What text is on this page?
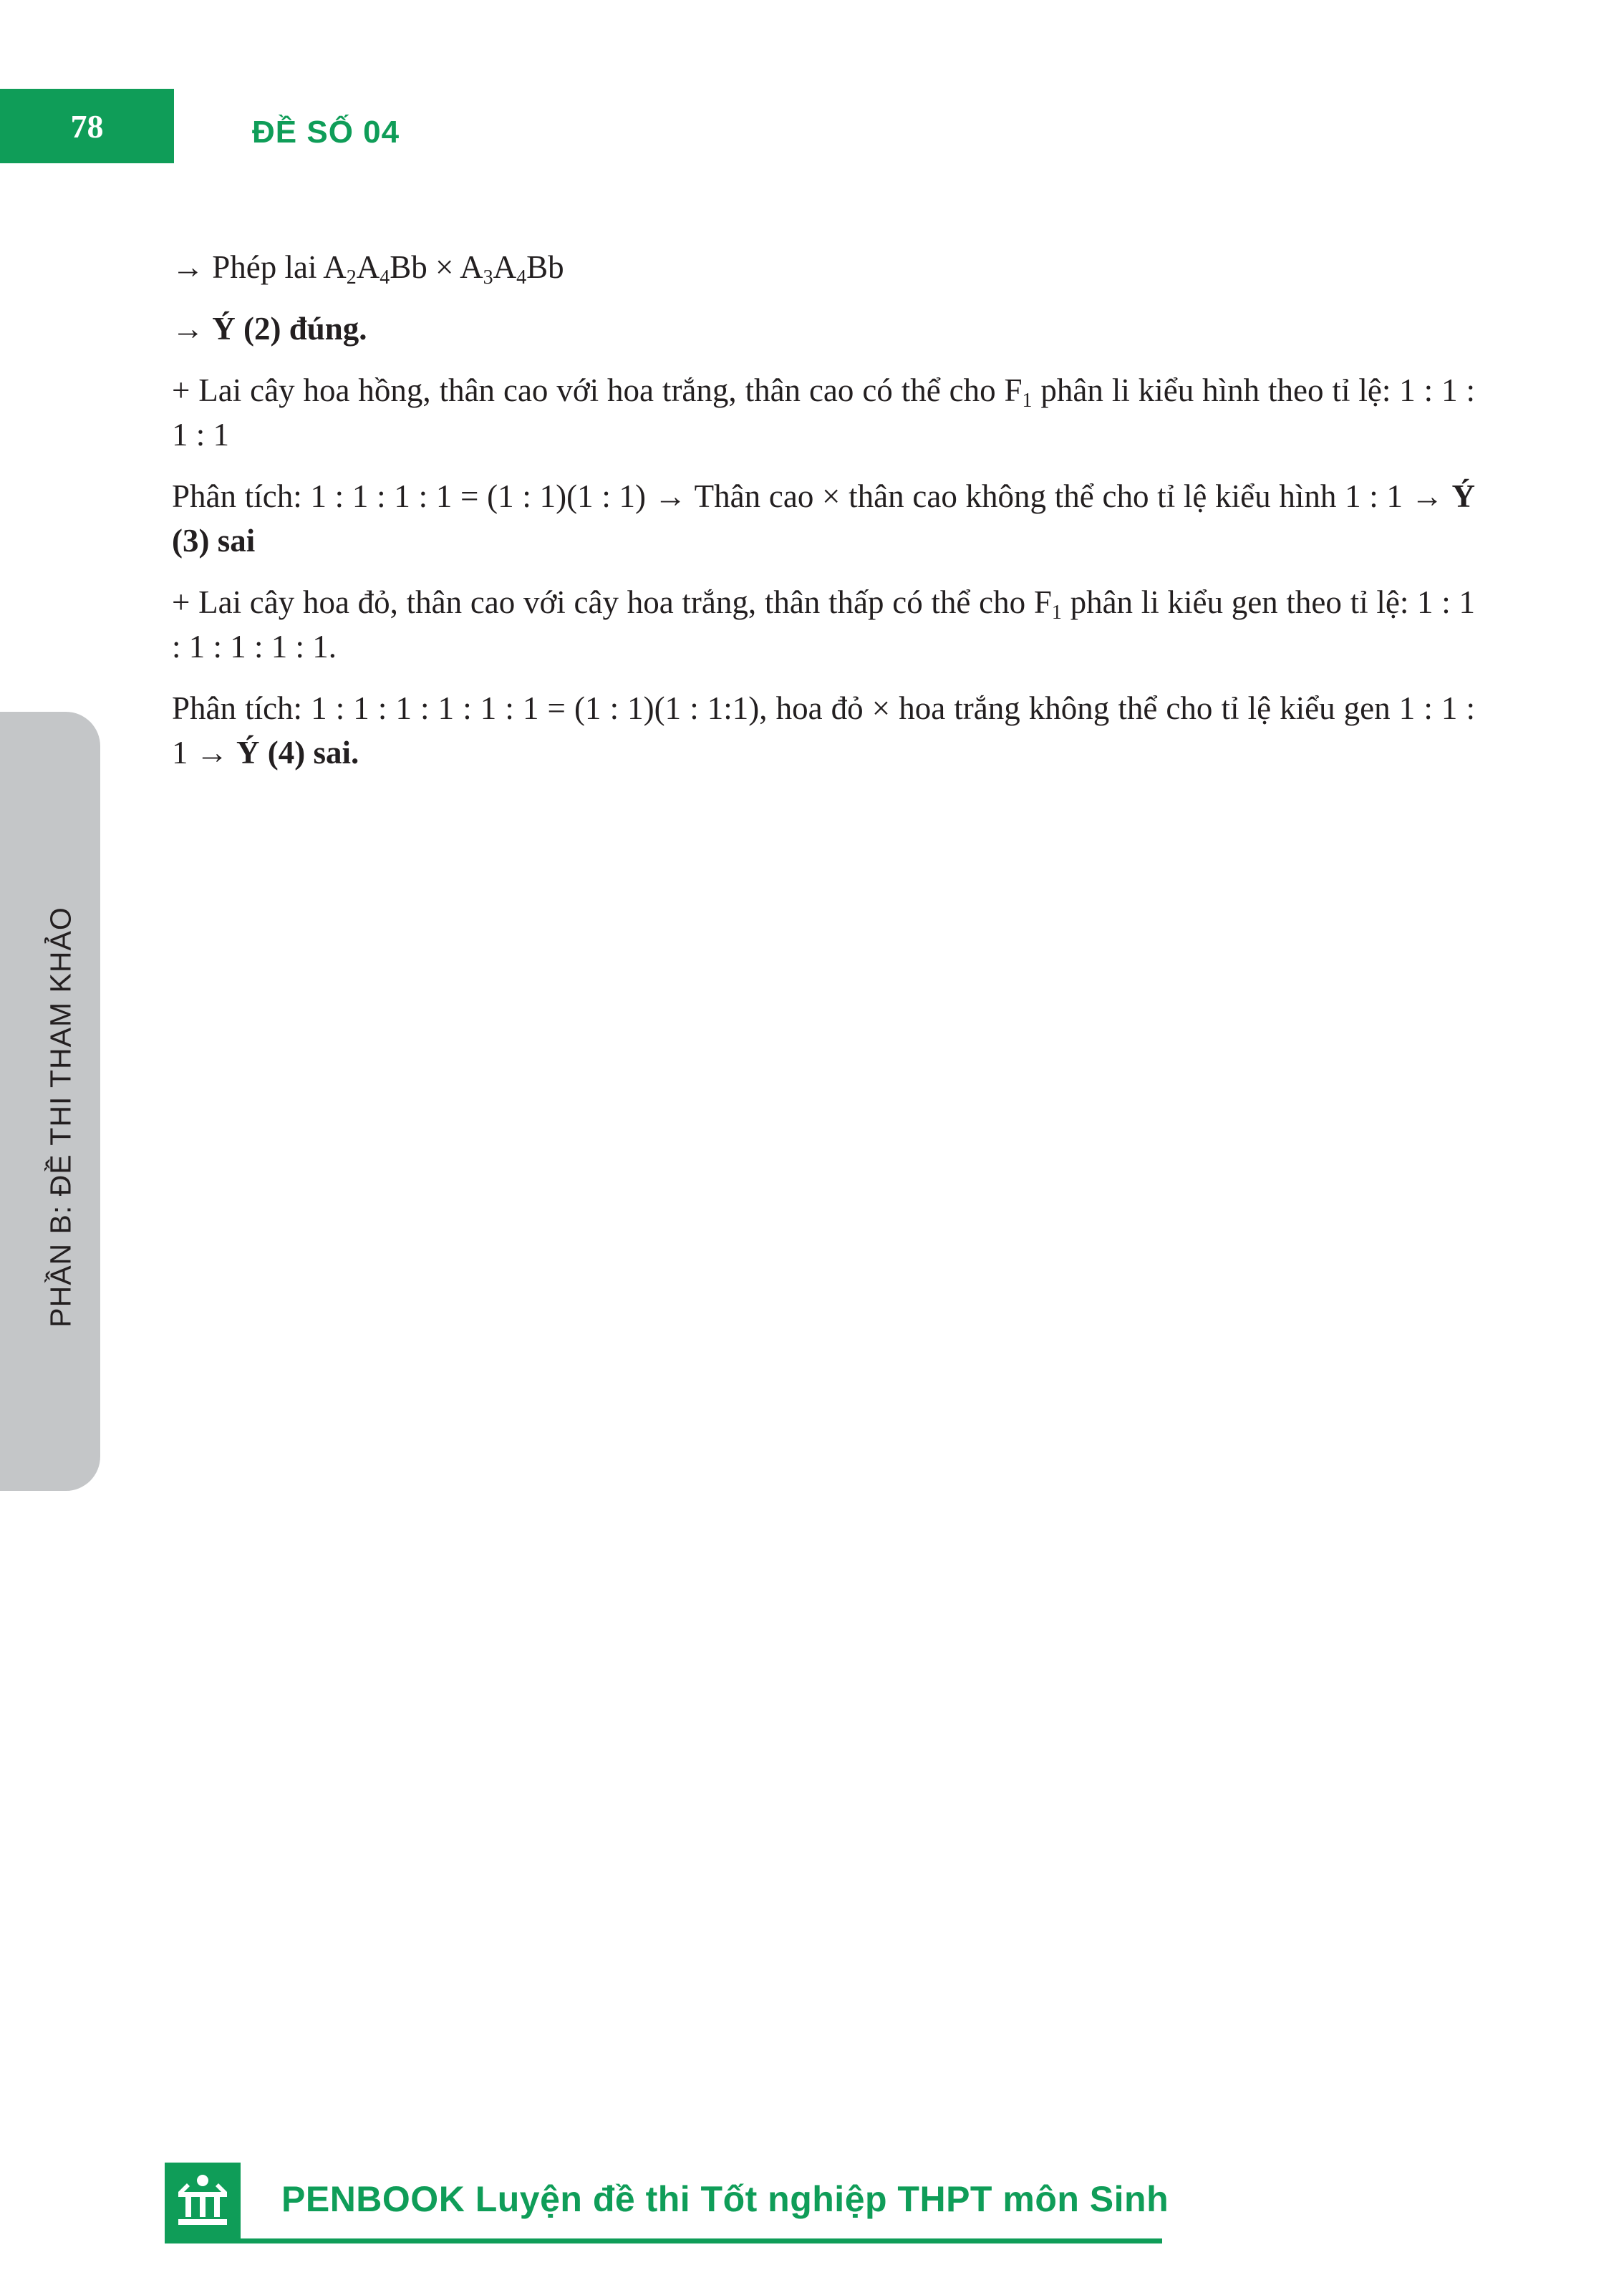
78	ĐỀ SỐ 04
PHẦN B: ĐỀ THI THAM KHẢO

→ Phép lai $A_2A_4Bb \times A_3A_4Bb$

→ Ý (2) đúng.

+ Lai cây hoa hồng, thân cao với hoa trắng, thân cao có thể cho $F_1$ phân li kiểu hình theo tỉ lệ: 1 : 1 : 1 : 1

Phân tích: 1 : 1 : 1 : 1 = (1 : 1)(1 : 1) → Thân cao × thân cao không thể cho tỉ lệ kiểu hình 1 : 1 → Ý (3) sai

+ Lai cây hoa đỏ, thân cao với cây hoa trắng, thân thấp có thể cho $F_1$ phân li kiểu gen theo tỉ lệ: 1 : 1 : 1 : 1 : 1 : 1.

Phân tích: 1 : 1 : 1 : 1 : 1 : 1 = (1 : 1)(1 : 1:1), hoa đỏ × hoa trắng không thể cho tỉ lệ kiểu gen 1 : 1 : 1 → Ý (4) sai.

PENBOOK Luyện đề thi Tốt nghiệp THPT môn Sinh
